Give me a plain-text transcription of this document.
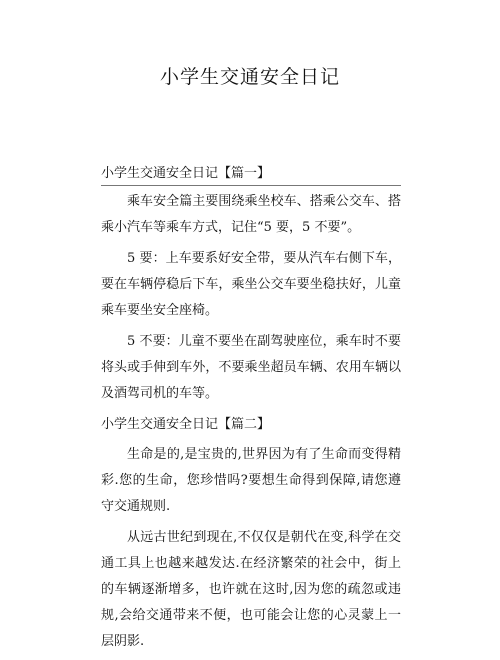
小学生交通安全日记
小学生交通安全日记【篇一】

乘车安全篇主要围绕乘坐校车、搭乘公交车、搭乘小汽车等乘车方式，记住“5 要，5 不要”。

5 要：上车要系好安全带，要从汽车右侧下车，要在车辆停稳后下车，乘坐公交车要坐稳扶好，儿童乘车要坐安全座椅。

5 不要：儿童不要坐在副驾驶座位，乘车时不要将头或手伸到车外，不要乘坐超员车辆、农用车辆以及酒驾司机的车等。

小学生交通安全日记【篇二】

生命是的,是宝贵的,世界因为有了生命而变得精彩.您的生命，您珍惜吗?要想生命得到保障,请您遵守交通规则.

从远古世纪到现在,不仅仅是朝代在变,科学在交通工具上也越来越发达.在经济繁荣的社会中，街上的车辆逐渐增多，也许就在这时,因为您的疏忽或违规,会给交通带来不便，也可能会让您的心灵蒙上一层阴影.
